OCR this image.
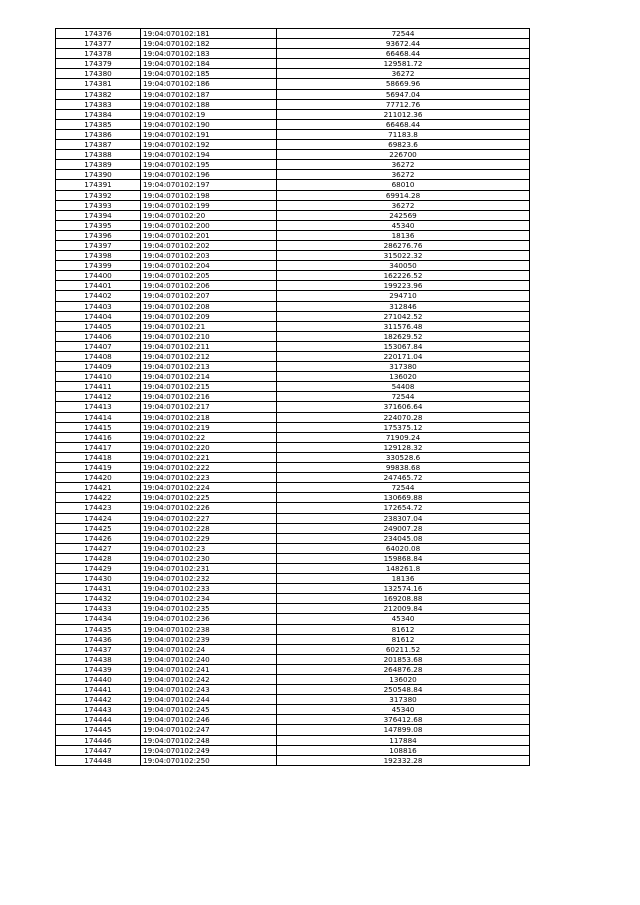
174376	19:04:070102:181	72544
174377	19:04:070102:182	93672.44
174378	19:04:070102:183	66468.44
174379	19:04:070102:184	129581.72
174380	19:04:070102:185	36272
174381	19:04:070102:186	58669.96
174382	19:04:070102:187	56947.04
174383	19:04:070102:188	77712.76
174384	19:04:070102:19	211012.36
174385	19:04:070102:190	66468.44
174386	19:04:070102:191	71183.8
174387	19:04:070102:192	69823.6
174388	19:04:070102:194	226700
174389	19:04:070102:195	36272
174390	19:04:070102:196	36272
174391	19:04:070102:197	68010
174392	19:04:070102:198	69914.28
174393	19:04:070102:199	36272
174394	19:04:070102:20	242569
174395	19:04:070102:200	45340
174396	19:04:070102:201	18136
174397	19:04:070102:202	286276.76
174398	19:04:070102:203	315022.32
174399	19:04:070102:204	340050
174400	19:04:070102:205	162226.52
174401	19:04:070102:206	199223.96
174402	19:04:070102:207	294710
174403	19:04:070102:208	312846
174404	19:04:070102:209	271042.52
174405	19:04:070102:21	311576.48
174406	19:04:070102:210	182629.52
174407	19:04:070102:211	153067.84
174408	19:04:070102:212	220171.04
174409	19:04:070102:213	317380
174410	19:04:070102:214	136020
174411	19:04:070102:215	54408
174412	19:04:070102:216	72544
174413	19:04:070102:217	371606.64
174414	19:04:070102:218	224070.28
174415	19:04:070102:219	175375.12
174416	19:04:070102:22	71909.24
174417	19:04:070102:220	129128.32
174418	19:04:070102:221	330528.6
174419	19:04:070102:222	99838.68
174420	19:04:070102:223	247465.72
174421	19:04:070102:224	72544
174422	19:04:070102:225	130669.88
174423	19:04:070102:226	172654.72
174424	19:04:070102:227	238307.04
174425	19:04:070102:228	249007.28
174426	19:04:070102:229	234045.08
174427	19:04:070102:23	64020.08
174428	19:04:070102:230	159868.84
174429	19:04:070102:231	148261.8
174430	19:04:070102:232	18136
174431	19:04:070102:233	132574.16
174432	19:04:070102:234	169208.88
174433	19:04:070102:235	212009.84
174434	19:04:070102:236	45340
174435	19:04:070102:238	81612
174436	19:04:070102:239	81612
174437	19:04:070102:24	60211.52
174438	19:04:070102:240	201853.68
174439	19:04:070102:241	264876.28
174440	19:04:070102:242	136020
174441	19:04:070102:243	250548.84
174442	19:04:070102:244	317380
174443	19:04:070102:245	45340
174444	19:04:070102:246	376412.68
174445	19:04:070102:247	147899.08
174446	19:04:070102:248	117884
174447	19:04:070102:249	108816
174448	19:04:070102:250	192332.28
